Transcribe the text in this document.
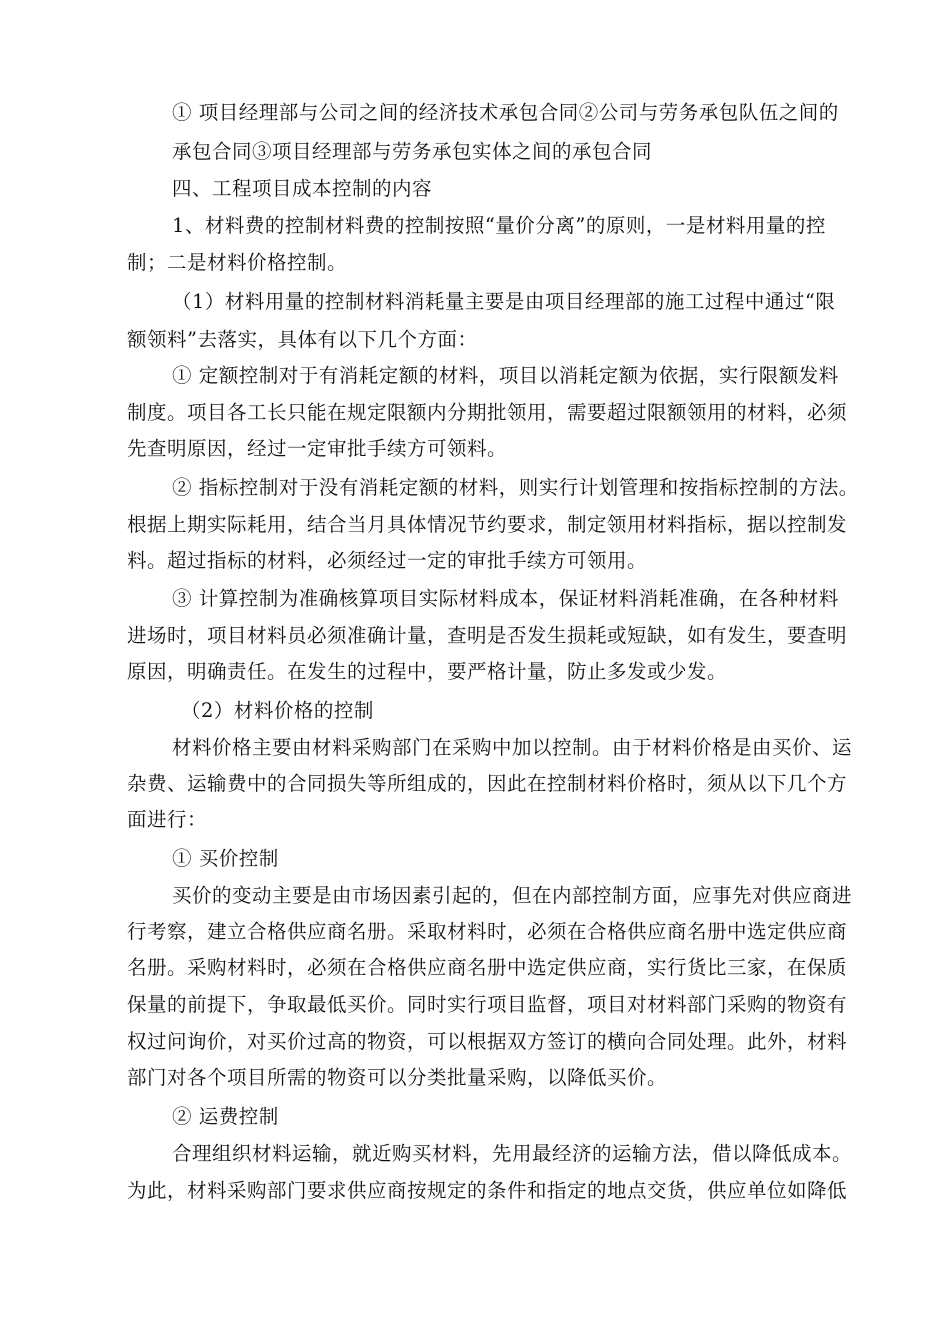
① 项目经理部与公司之间的经济技术承包合同②公司与劳务承包队伍之间的
承包合同③项目经理部与劳务承包实体之间的承包合同
四、工程项目成本控制的内容
1、材料费的控制材料费的控制按照“量价分离”的原则，一是材料用量的控
制；二是材料价格控制。
（1）材料用量的控制材料消耗量主要是由项目经理部的施工过程中通过“限
额领料”去落实，具体有以下几个方面：
① 定额控制对于有消耗定额的材料，项目以消耗定额为依据，实行限额发料
制度。项目各工长只能在规定限额内分期批领用，需要超过限额领用的材料，必须
先查明原因，经过一定审批手续方可领料。
② 指标控制对于没有消耗定额的材料，则实行计划管理和按指标控制的方法。
根据上期实际耗用，结合当月具体情况节约要求，制定领用材料指标，据以控制发
料。超过指标的材料，必须经过一定的审批手续方可领用。
③ 计算控制为准确核算项目实际材料成本，保证材料消耗准确，在各种材料
进场时，项目材料员必须准确计量，查明是否发生损耗或短缺，如有发生，要查明
原因，明确责任。在发生的过程中，要严格计量，防止多发或少发。
（2）材料价格的控制
材料价格主要由材料采购部门在采购中加以控制。由于材料价格是由买价、运
杂费、运输费中的合同损失等所组成的，因此在控制材料价格时，须从以下几个方
面进行：
① 买价控制
买价的变动主要是由市场因素引起的，但在内部控制方面，应事先对供应商进
行考察，建立合格供应商名册。采取材料时，必须在合格供应商名册中选定供应商
名册。采购材料时，必须在合格供应商名册中选定供应商，实行货比三家，在保质
保量的前提下，争取最低买价。同时实行项目监督，项目对材料部门采购的物资有
权过问询价，对买价过高的物资，可以根据双方签订的横向合同处理。此外，材料
部门对各个项目所需的物资可以分类批量采购，以降低买价。
② 运费控制
合理组织材料运输，就近购买材料，先用最经济的运输方法，借以降低成本。
为此，材料采购部门要求供应商按规定的条件和指定的地点交货，供应单位如降低
